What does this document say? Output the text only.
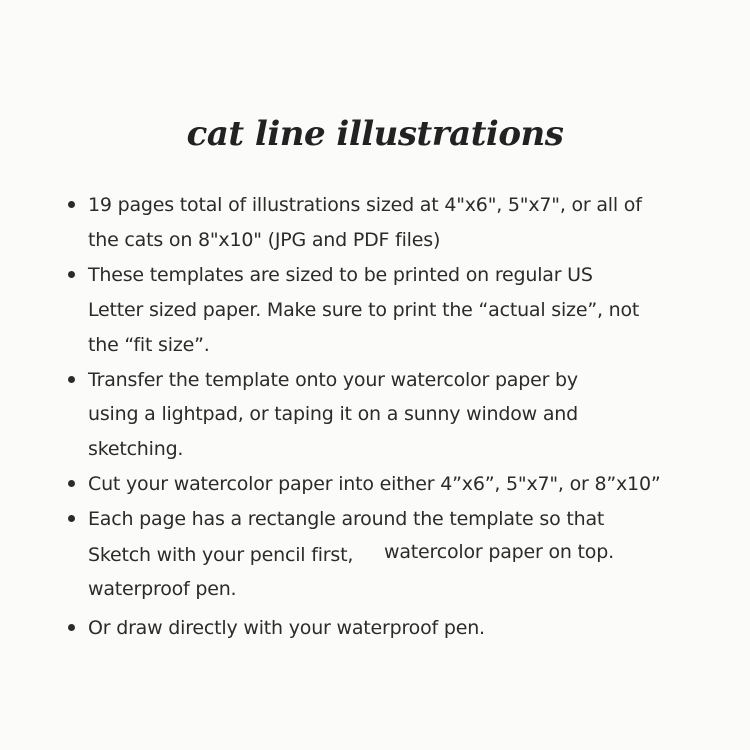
cat line illustrations
19 pages total of illustrations sized at 4"x6", 5"x7", or all of
the cats on 8"x10" (JPG and PDF files)
These templates are sized to be printed on regular US
Letter sized paper. Make sure to print the “actual size”, not
the “fit size”.
Transfer the template onto your watercolor paper by
using a lightpad, or taping it on a sunny window and
sketching.
Cut your watercolor paper into either 4”x6”, 5"x7", or 8”x10”
Each page has a rectangle around the template so that
Sketch with your pencil first, watercolor paper on top.
waterproof pen.
Or draw directly with your waterproof pen.
